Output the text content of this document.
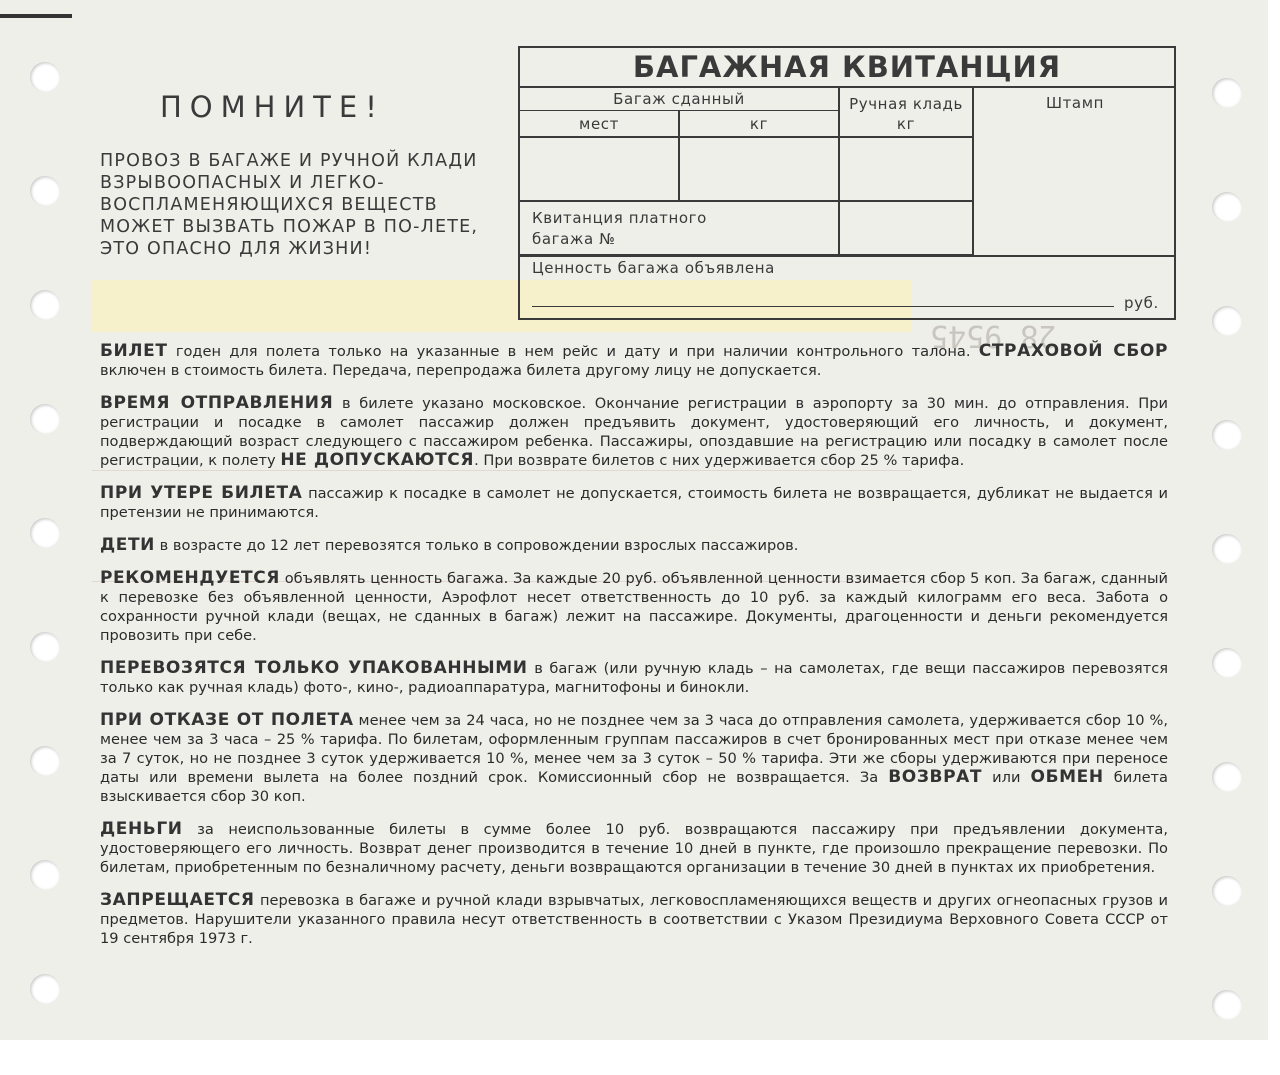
28 9545
ПОМНИТЕ!

ПРОВОЗ В БАГАЖЕ И РУЧНОЙ КЛАДИ ВЗРЫВООПАСНЫХ И ЛЕГКО-ВОСПЛАМЕНЯЮЩИХСЯ ВЕЩЕСТВ МОЖЕТ ВЫЗВАТЬ ПОЖАР В ПО-ЛЕТЕ, ЭТО ОПАСНО ДЛЯ ЖИЗНИ!

БАГАЖНАЯ КВИТАНЦИЯ
Багаж сданный
мест	кг
Ручная кладь кг
Штамп
Квитанция платного багажа №
Ценность багажа объявлена
руб.
БИЛЕТ годен для полета только на указанные в нем рейс и дату и при наличии контрольного талона. СТРАХОВОЙ СБОР включен в стоимость билета. Передача, перепродажа билета другому лицу не допускается.
ВРЕМЯ ОТПРАВЛЕНИЯ в билете указано московское. Окончание регистрации в аэропорту за 30 мин. до отправления. При регистрации и посадке в самолет пассажир должен предъявить документ, удостоверяющий его личность, и документ, подверждающий возраст следующего с пассажиром ребенка. Пассажиры, опоздавшие на регистрацию или посадку в самолет после регистрации, к полету НЕ ДОПУСКАЮТСЯ. При возврате билетов с них удерживается сбор 25 % тарифа.
ПРИ УТЕРЕ БИЛЕТА пассажир к посадке в самолет не допускается, стоимость билета не возвращается, дубликат не выдается и претензии не принимаются.
ДЕТИ в возрасте до 12 лет перевозятся только в сопровождении взрослых пассажиров.
РЕКОМЕНДУЕТСЯ объявлять ценность багажа. За каждые 20 руб. объявленной ценности взимается сбор 5 коп. За багаж, сданный к перевозке без объявленной ценности, Аэрофлот несет ответственность до 10 руб. за каждый килограмм его веса. Забота о сохранности ручной клади (вещах, не сданных в багаж) лежит на пассажире. Документы, драгоценности и деньги рекомендуется провозить при себе.
ПЕРЕВОЗЯТСЯ ТОЛЬКО УПАКОВАННЫМИ в багаж (или ручную кладь – на самолетах, где вещи пассажиров перевозятся только как ручная кладь) фото-, кино-, радиоаппаратура, магнитофоны и бинокли.
ПРИ ОТКАЗЕ ОТ ПОЛЕТА менее чем за 24 часа, но не позднее чем за 3 часа до отправления самолета, удерживается сбор 10 %, менее чем за 3 часа – 25 % тарифа. По билетам, оформленным группам пассажиров в счет бронированных мест при отказе менее чем за 7 суток, но не позднее 3 суток удерживается 10 %, менее чем за 3 суток – 50 % тарифа. Эти же сборы удерживаются при переносе даты или времени вылета на более поздний срок. Комиссионный сбор не возвращается. За ВОЗВРАТ или ОБМЕН билета взыскивается сбор 30 коп.
ДЕНЬГИ за неиспользованные билеты в сумме более 10 руб. возвращаются пассажиру при предъявлении документа, удостоверяющего его личность. Возврат денег производится в течение 10 дней в пункте, где произошло прекращение перевозки. По билетам, приобретенным по безналичному расчету, деньги возвращаются организации в течение 30 дней в пунктах их приобретения.
ЗАПРЕЩАЕТСЯ перевозка в багаже и ручной клади взрывчатых, легковоспламеняющихся веществ и других огнеопасных грузов и предметов. Нарушители указанного правила несут ответственность в соответствии с Указом Президиума Верховного Совета СССР от 19 сентября 1973 г.
